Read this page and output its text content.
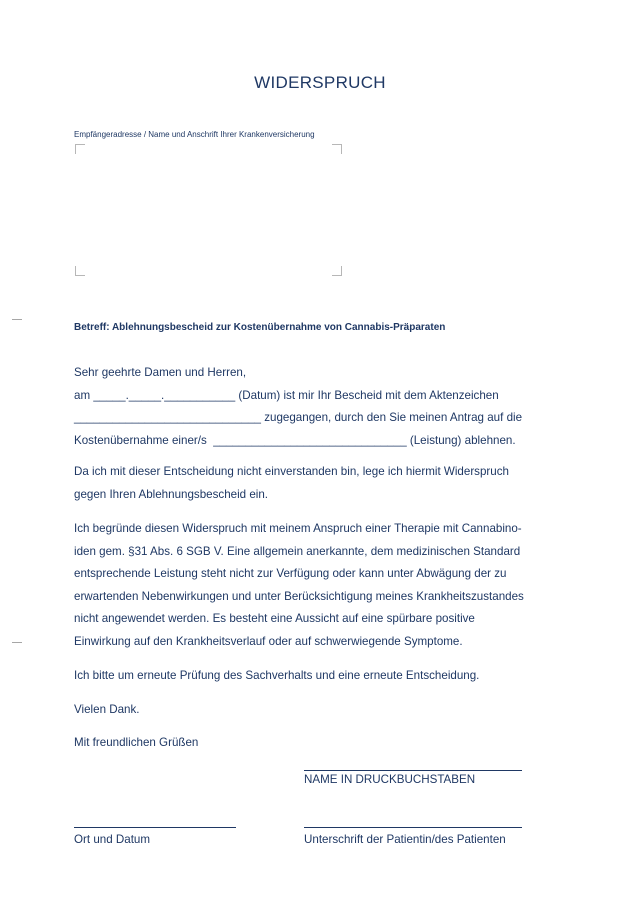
WIDERSPRUCH
Empfängeradresse / Name und Anschrift Ihrer Krankenversicherung
Betreff: Ablehnungsbescheid zur Kostenübernahme von Cannabis-Präparaten
Sehr geehrte Damen und Herren,
am _____._____.___________ (Datum) ist mir Ihr Bescheid mit dem Aktenzeichen
_____________________________ zugegangen, durch den Sie meinen Antrag auf die
Kostenübernahme einer/s  ______________________________ (Leistung) ablehnen.
Da ich mit dieser Entscheidung nicht einverstanden bin, lege ich hiermit Widerspruch
gegen Ihren Ablehnungsbescheid ein.
Ich begründe diesen Widerspruch mit meinem Anspruch einer Therapie mit Cannabino-
iden gem. §31 Abs. 6 SGB V. Eine allgemein anerkannte, dem medizinischen Standard
entsprechende Leistung steht nicht zur Verfügung oder kann unter Abwägung der zu
erwartenden Nebenwirkungen und unter Berücksichtigung meines Krankheitszustandes
nicht angewendet werden. Es besteht eine Aussicht auf eine spürbare positive
Einwirkung auf den Krankheitsverlauf oder auf schwerwiegende Symptome.
Ich bitte um erneute Prüfung des Sachverhalts und eine erneute Entscheidung.
Vielen Dank.
Mit freundlichen Grüßen
NAME IN DRUCKBUCHSTABEN
Ort und Datum	Unterschrift der Patientin/des Patienten
